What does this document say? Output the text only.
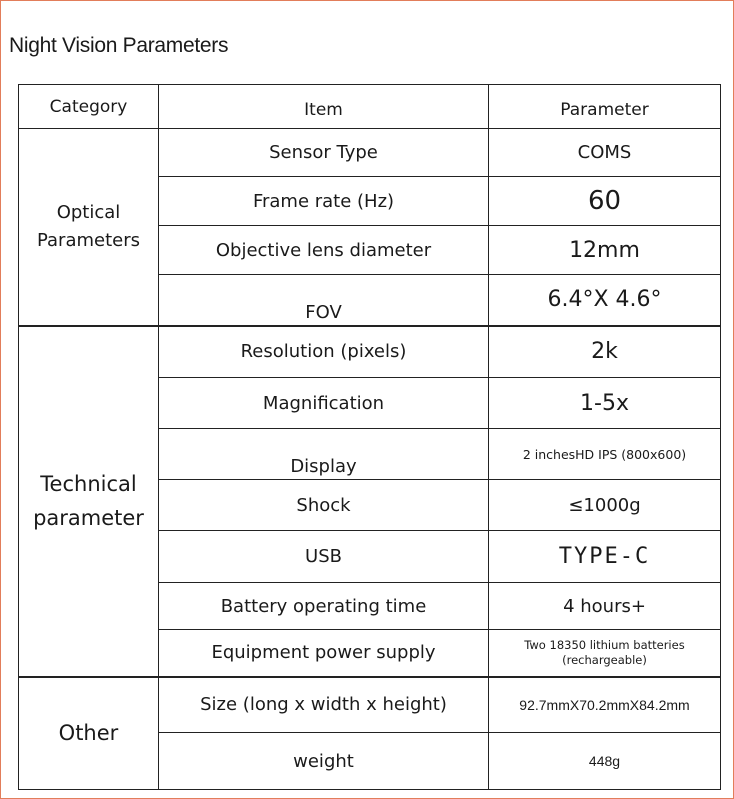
Night Vision Parameters
Category	Item	Parameter
Optical Parameters	Sensor Type	COMS
	Frame rate (Hz)	60
	Objective lens diameter	12mm
	FOV	6.4°X 4.6°
Technical parameter	Resolution (pixels)	2k
	Magnification	1-5x
	Display	2 inchesHD IPS (800x600)
	Shock	≤1000g
	USB	TYPE-C
	Battery operating time	4 hours+
	Equipment power supply	Two 18350 lithium batteries (rechargeable)
Other	Size (long x width x height)	92.7mmX70.2mmX84.2mm
	weight	448g
